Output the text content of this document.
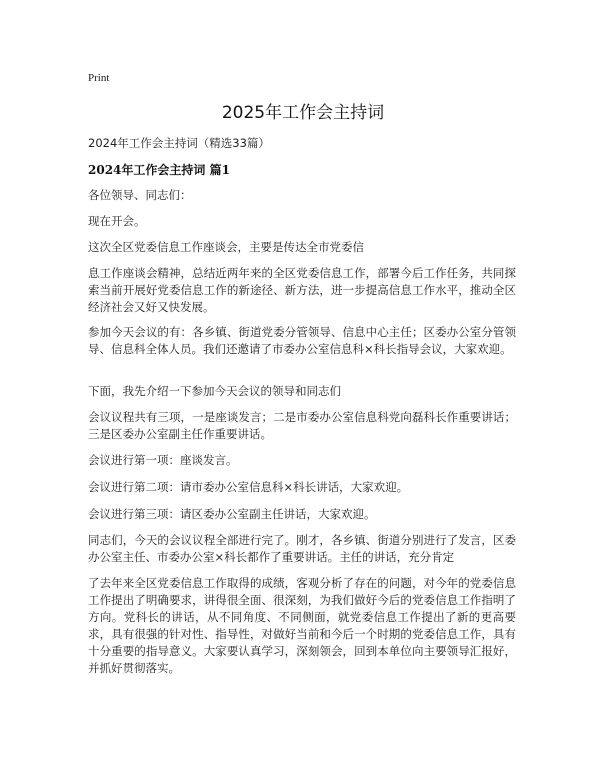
Print
2025年工作会主持词
2024年工作会主持词（精选33篇）
2024年工作会主持词 篇1
各位领导、同志们：
现在开会。
这次全区党委信息工作座谈会，主要是传达全市党委信
息工作座谈会精神，总结近两年来的全区党委信息工作，部署今后工作任务，共同探索当前开展好党委信息工作的新途径、新方法，进一步提高信息工作水平，推动全区经济社会又好又快发展。
参加今天会议的有：各乡镇、街道党委分管领导、信息中心主任；区委办公室分管领导、信息科全体人员。我们还邀请了市委办公室信息科×科长指导会议，大家欢迎。
下面，我先介绍一下参加今天会议的领导和同志们
会议议程共有三项，一是座谈发言；二是市委办公室信息科党向磊科长作重要讲话；三是区委办公室副主任作重要讲话。
会议进行第一项：座谈发言。
会议进行第二项：请市委办公室信息科×科长讲话，大家欢迎。
会议进行第三项：请区委办公室副主任讲话，大家欢迎。
同志们，今天的会议议程全部进行完了。刚才，各乡镇、街道分别进行了发言，区委办公室主任、市委办公室×科长都作了重要讲话。主任的讲话，充分肯定
了去年来全区党委信息工作取得的成绩，客观分析了存在的问题，对今年的党委信息工作提出了明确要求，讲得很全面、很深刻，为我们做好今后的党委信息工作指明了方向。党科长的讲话，从不同角度、不同侧面，就党委信息工作提出了新的更高要求，具有很强的针对性、指导性，对做好当前和今后一个时期的党委信息工作，具有十分重要的指导意义。大家要认真学习，深刻领会，回到本单位向主要领导汇报好，并抓好贯彻落实。
